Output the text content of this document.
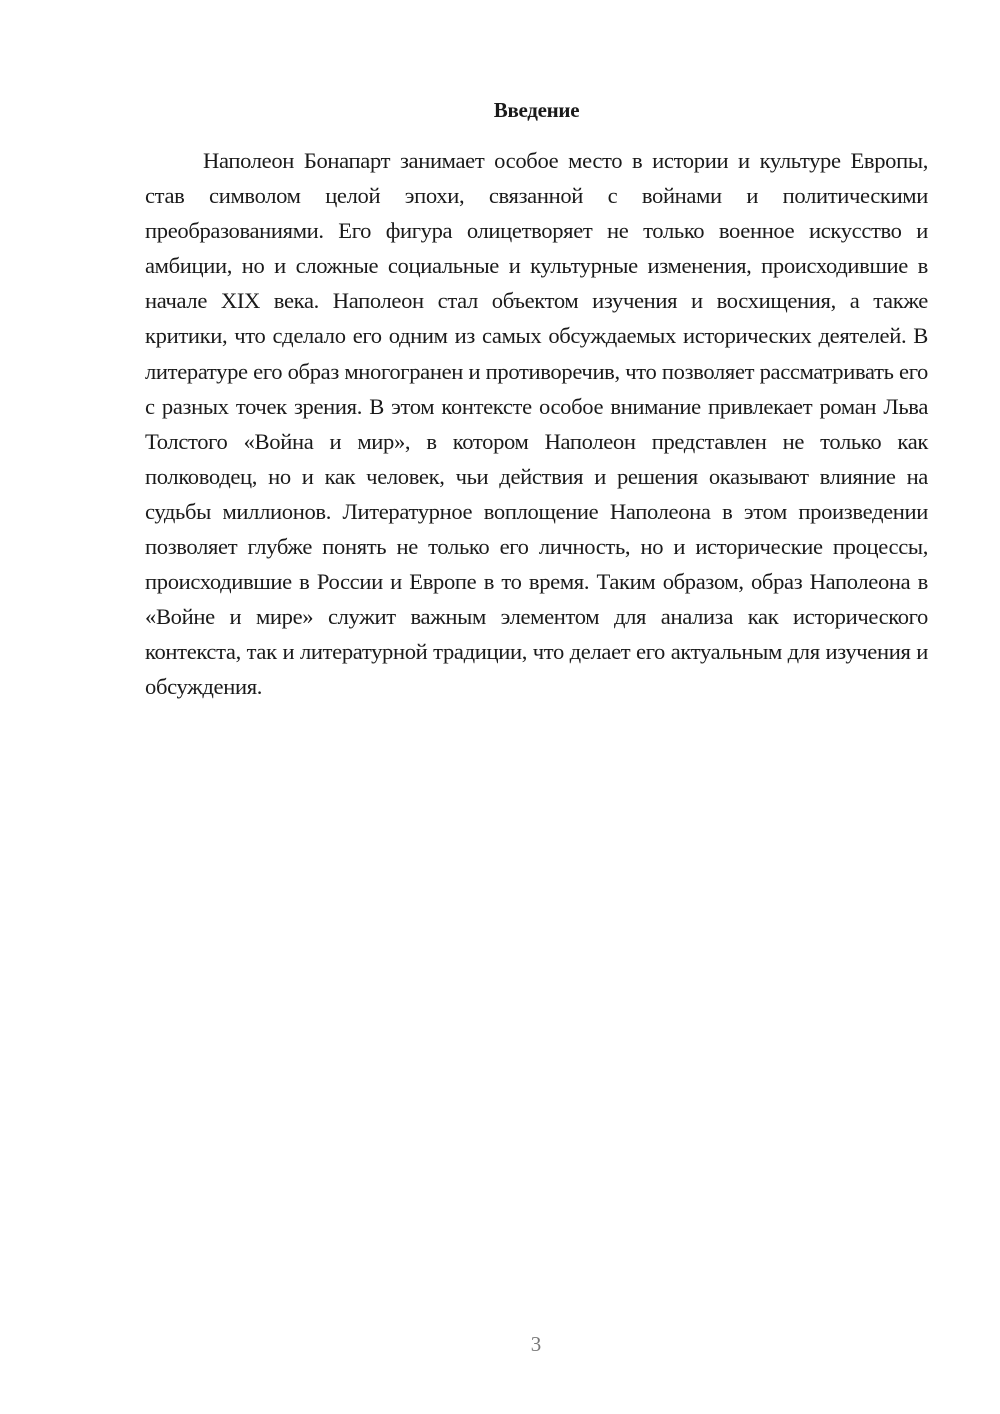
Введение

Наполеон Бонапарт занимает особое место в истории и культуре Европы, став символом целой эпохи, связанной с войнами и политическими преобразованиями. Его фигура олицетворяет не только военное искусство и амбиции, но и сложные социальные и культурные изменения, происходившие в начале XIX века. Наполеон стал объектом изучения и восхищения, а также критики, что сделало его одним из самых обсуждаемых исторических деятелей. В литературе его образ многогранен и противоречив, что позволяет рассматривать его с разных точек зрения. В этом контексте особое внимание привлекает роман Льва Толстого «Война и мир», в котором Наполеон представлен не только как полководец, но и как человек, чьи действия и решения оказывают влияние на судьбы миллионов. Литературное воплощение Наполеона в этом произведении позволяет глубже понять не только его личность, но и исторические процессы, происходившие в России и Европе в то время. Таким образом, образ Наполеона в «Войне и мире» служит важным элементом для анализа как исторического контекста, так и литературной традиции, что делает его актуальным для изучения и обсуждения.

3
